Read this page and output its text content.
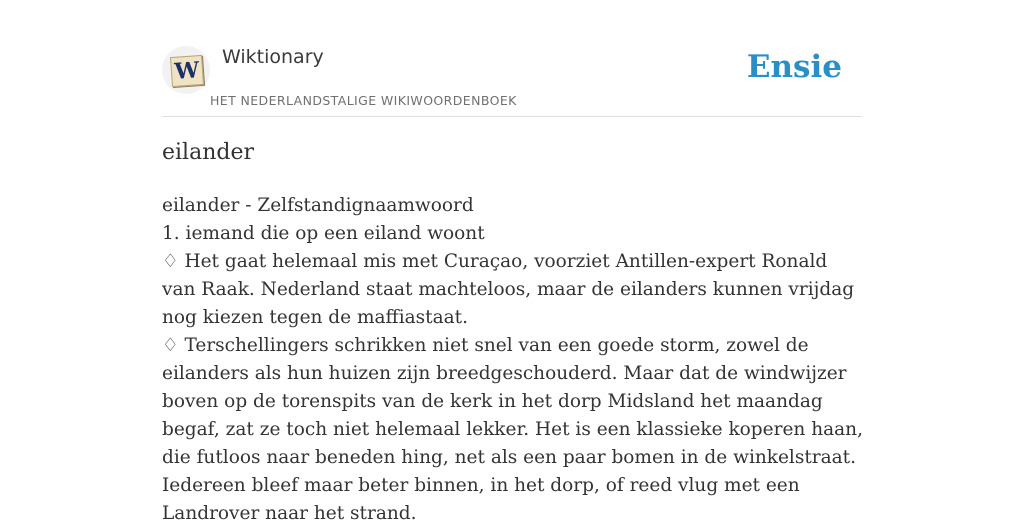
W
Wiktionary
HET NEDERLANDSTALIGE WIKIWOORDENBOEK
Ensie
eilander

eilander - Zelfstandignaamwoord

1. iemand die op een eiland woont

♢ Het gaat helemaal mis met Curaçao, voorziet Antillen-expert Ronald van Raak. Nederland staat machteloos, maar de eilanders kunnen vrijdag nog kiezen tegen de maffiastaat.

♢ Terschellingers schrikken niet snel van een goede storm, zowel de eilanders als hun huizen zijn breedgeschouderd. Maar dat de windwijzer boven op de torenspits van de kerk in het dorp Midsland het maandag begaf, zat ze toch niet helemaal lekker. Het is een klassieke koperen haan, die futloos naar beneden hing, net als een paar bomen in de winkelstraat. Iedereen bleef maar beter binnen, in het dorp, of reed vlug met een Landrover naar het strand.
